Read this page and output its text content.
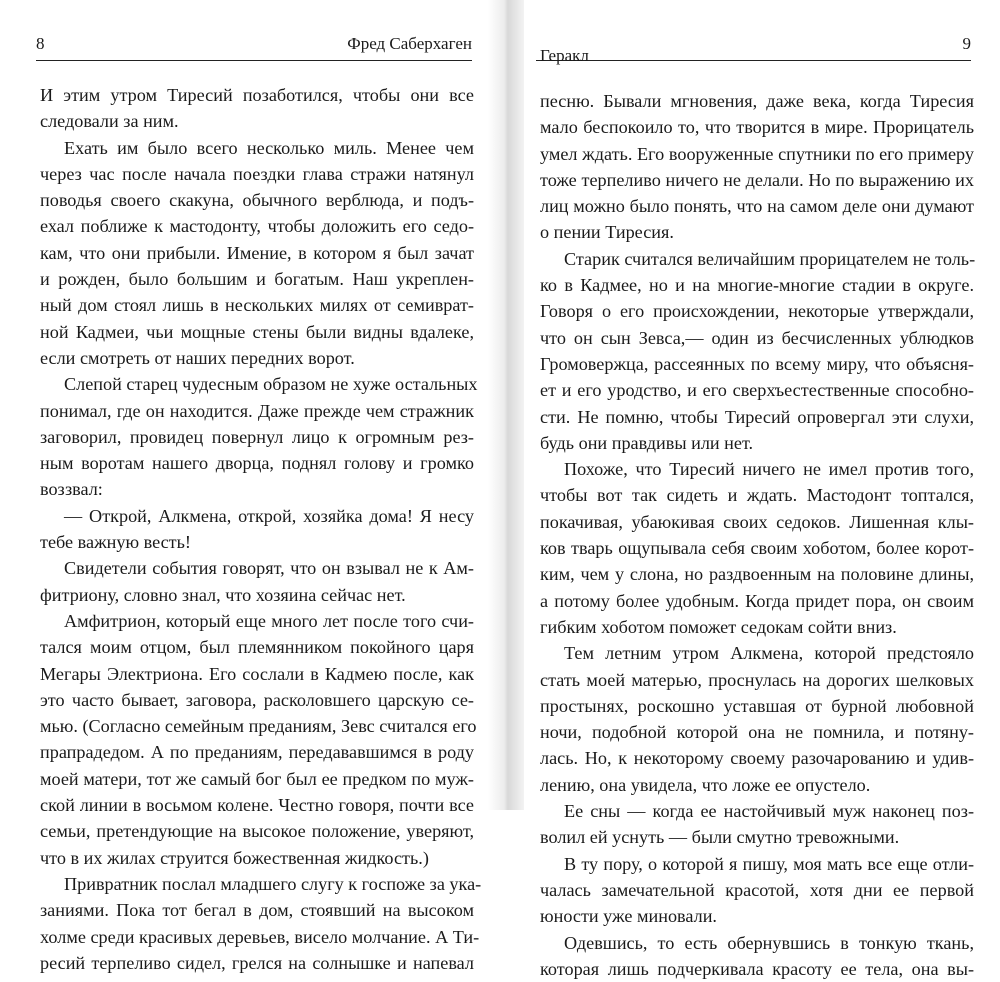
8	Фред Саберхаген
И этим утром Тиресий позаботился, чтобы они все
следовали за ним.
Ехать им было всего несколько миль. Менее чем
через час после начала поездки глава стражи натянул
поводья своего скакуна, обычного верблюда, и подъ-
ехал поближе к мастодонту, чтобы доложить его седо-
кам, что они прибыли. Имение, в котором я был зачат
и рожден, было большим и богатым. Наш укреплен-
ный дом стоял лишь в нескольких милях от семиврат-
ной Кадмеи, чьи мощные стены были видны вдалеке,
если смотреть от наших передних ворот.
Слепой старец чудесным образом не хуже остальных
понимал, где он находится. Даже прежде чем стражник
заговорил, провидец повернул лицо к огромным рез-
ным воротам нашего дворца, поднял голову и громко
воззвал:
— Открой, Алкмена, открой, хозяйка дома! Я несу
тебе важную весть!
Свидетели события говорят, что он взывал не к Ам-
фитриону, словно знал, что хозяина сейчас нет.
Амфитрион, который еще много лет после того счи-
тался моим отцом, был племянником покойного царя
Мегары Электриона. Его сослали в Кадмею после, как
это часто бывает, заговора, расколовшего царскую се-
мью. (Согласно семейным преданиям, Зевс считался его
прапрадедом. А по преданиям, передававшимся в роду
моей матери, тот же самый бог был ее предком по муж-
ской линии в восьмом колене. Честно говоря, почти все
семьи, претендующие на высокое положение, уверяют,
что в их жилах струится божественная жидкость.)
Привратник послал младшего слугу к госпоже за ука-
заниями. Пока тот бегал в дом, стоявший на высоком
холме среди красивых деревьев, висело молчание. А Ти-
ресий терпеливо сидел, грелся на солнышке и напевал
Геракл
9
песню. Бывали мгновения, даже века, когда Тиресия
мало беспокоило то, что творится в мире. Прорицатель
умел ждать. Его вооруженные спутники по его примеру
тоже терпеливо ничего не делали. Но по выражению их
лиц можно было понять, что на самом деле они думают
о пении Тиресия.
Старик считался величайшим прорицателем не толь-
ко в Кадмее, но и на многие-многие стадии в округе.
Говоря о его происхождении, некоторые утверждали,
что он сын Зевса,— один из бесчисленных ублюдков
Громовержца, рассеянных по всему миру, что объясня-
ет и его уродство, и его сверхъестественные способно-
сти. Не помню, чтобы Тиресий опровергал эти слухи,
будь они правдивы или нет.
Похоже, что Тиресий ничего не имел против того,
чтобы вот так сидеть и ждать. Мастодонт топтался,
покачивая, убаюкивая своих седоков. Лишенная клы-
ков тварь ощупывала себя своим хоботом, более корот-
ким, чем у слона, но раздвоенным на половине длины,
а потому более удобным. Когда придет пора, он своим
гибким хоботом поможет седокам сойти вниз.
Тем летним утром Алкмена, которой предстояло
стать моей матерью, проснулась на дорогих шелковых
простынях, роскошно уставшая от бурной любовной
ночи, подобной которой она не помнила, и потяну-
лась. Но, к некоторому своему разочарованию и удив-
лению, она увидела, что ложе ее опустело.
Ее сны — когда ее настойчивый муж наконец поз-
волил ей уснуть — были смутно тревожными.
В ту пору, о которой я пишу, моя мать все еще отли-
чалась замечательной красотой, хотя дни ее первой
юности уже миновали.
Одевшись, то есть обернувшись в тонкую ткань,
которая лишь подчеркивала красоту ее тела, она вы-
